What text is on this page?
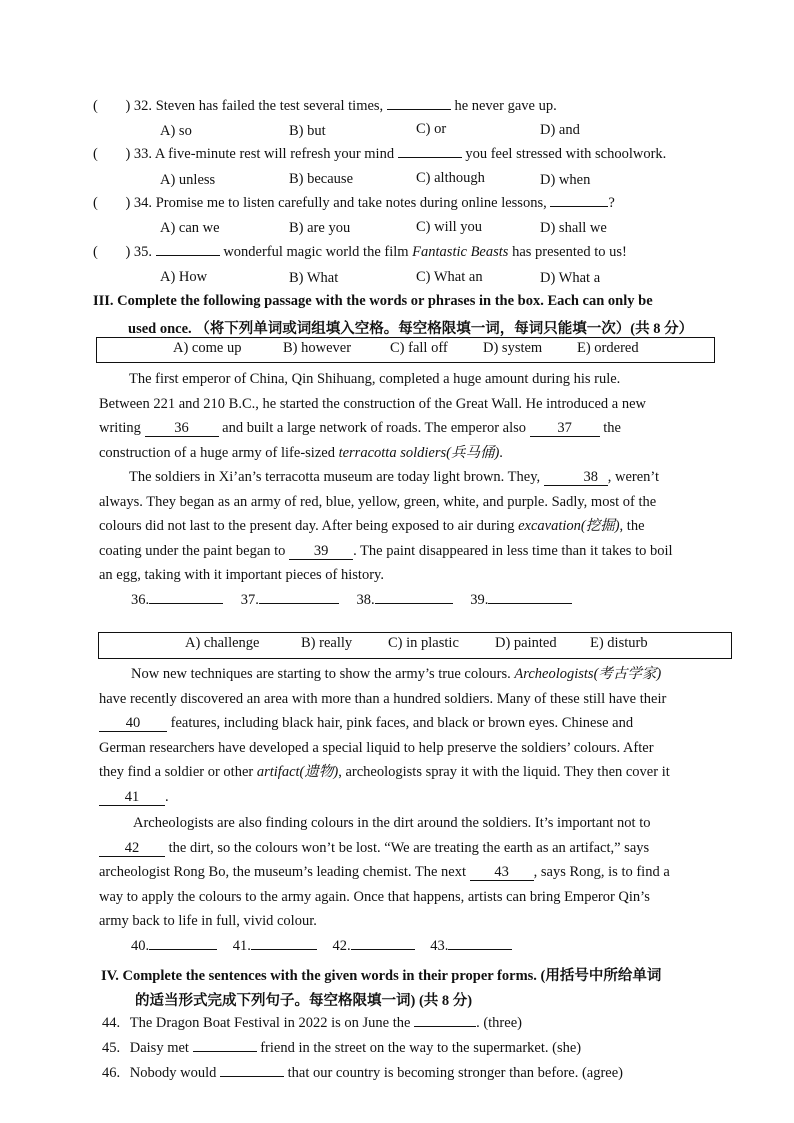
( ) 32. Steven has failed the test several times,	he never gave up.
A) so	B) but	C) or	D) and
( ) 33. A five-minute rest will refresh your mind	you feel stressed with schoolwork.
A) unless	B) because	C) although	D) when
( ) 34. Promise me to listen carefully and take notes during online lessons,	?
A) can we	B) are you	C) will you	D) shall we
( ) 35.	wonderful magic world the film Fantastic Beasts has presented to us!
A) How	B) What	C) What an	D) What a
III. Complete the following passage with the words or phrases in the box. Each can only be
used once. （将下列单词或词组填入空格。每空格限填一词，每词只能填一次）(共 8 分）
A) come up	B) however	C) fall off D) system E) ordered
The first emperor of China, Qin Shihuang, completed a huge amount during his rule.
Between 221 and 210 B.C., he started the construction of the Great Wall. He introduced a new
writing 36 and built a large network of roads. The emperor also 37 the
construction of a huge army of life-sized terracotta soldiers(兵马俑).
The soldiers in Xi’an’s terracotta museum are today light brown. They,	38 , weren’t
always. They began as an army of red, blue, yellow, green, white, and purple. Sadly, most of the
colours did not last to the present day. After being exposed to air during excavation(挖掘), the
coating under the paint began to 39 . The paint disappeared in less time than it takes to boil
an egg, taking with it important pieces of history.
36.	37.	38.	39.
A) challenge	B) really C) in plastic D) painted E) disturb
Now new techniques are starting to show the army’s true colours. Archeologists(考古学家)
have recently discovered an area with more than a hundred soldiers. Many of these still have their
40 features, including black hair, pink faces, and black or brown eyes. Chinese and
German researchers have developed a special liquid to help preserve the soldiers’ colours. After
they find a soldier or other artifact(遗物), archeologists spray it with the liquid. They then cover it
41 .
Archeologists are also finding colours in the dirt around the soldiers. It’s important not to
42 the dirt, so the colours won’t be lost. “We are treating the earth as an artifact,” says
archeologist Rong Bo, the museum’s leading chemist. The next 43 , says Rong, is to find a
way to apply the colours to the army again. Once that happens, artists can bring Emperor Qin’s
army back to life in full, vivid colour.
40.	41.	42.	43.
IV. Complete the sentences with the given words in their proper forms. (用括号中所给单词
的适当形式完成下列句子。每空格限填一词) (共 8 分)
44. The Dragon Boat Festival in 2022 is on June the	. (three)
45. Daisy met	friend in the street on the way to the supermarket. (she)
46. Nobody would	that our country is becoming stronger than before. (agree)
